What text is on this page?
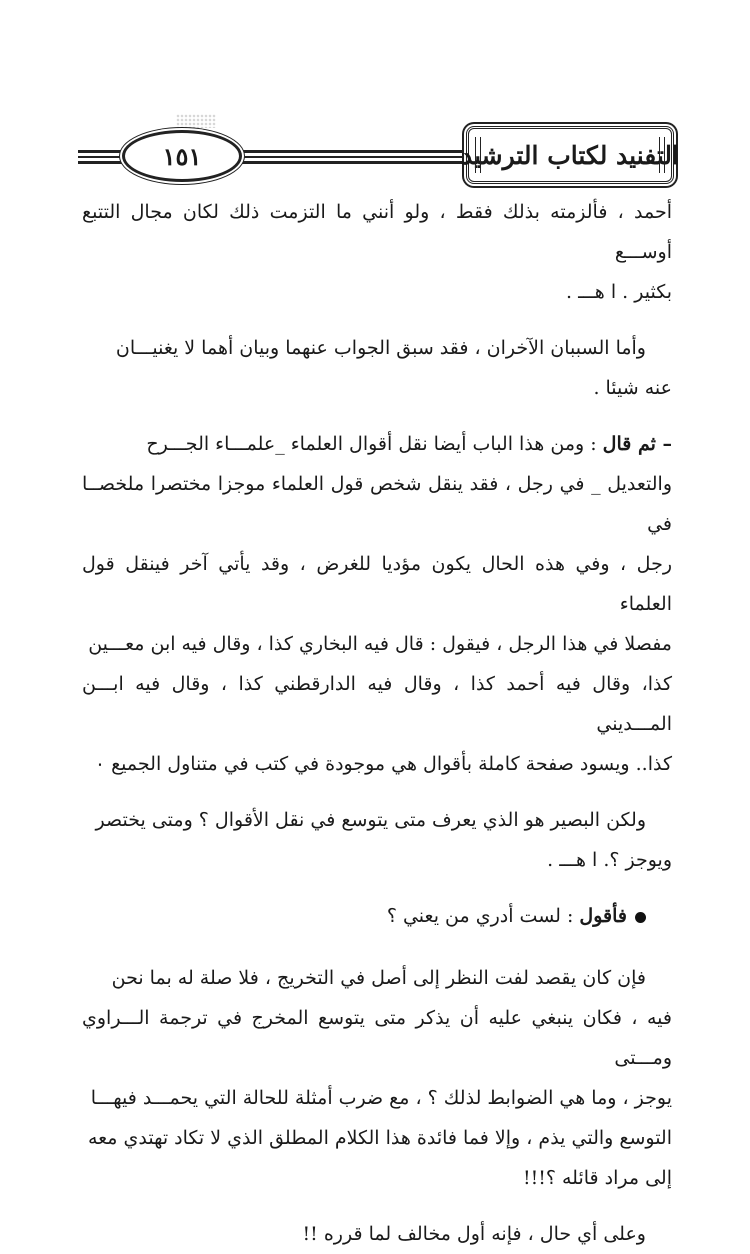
١٥١	التفنيد لكتاب الترشيد

أحمد ، فألزمته بذلك فقط ، ولو أنني ما التزمت ذلك لكان مجال التتبع أوســـع
بكثير . ا هـــ .

وأما السببان الآخران ، فقد سبق الجواب عنهما وبيان أهما لا يغنيـــان

عنه شيئا .

– ثم قال : ومن هذا الباب أيضا نقل أقوال العلماء _علمـــاء الجـــرح
والتعديل _ في رجل ، فقد ينقل شخص قول العلماء موجزا مختصرا ملخصــا في
رجل ، وفي هذه الحال يكون مؤديا للغرض ، وقد يأتي آخر فينقل قول العلماء
مفصلا في هذا الرجل ، فيقول : قال فيه البخاري كذا ، وقال فيه ابن معـــين
كذا، وقال فيه أحمد كذا ، وقال فيه الدارقطني كذا ، وقال فيه ابـــن المـــديني
كذا.. ويسود صفحة كاملة بأقوال هي موجودة في كتب في متناول الجميع ٠

ولكن البصير هو الذي يعرف متى يتوسع في نقل الأقوال ؟ ومتى يختصر

ويوجز ؟. ا هـــ .

فأقول : لست أدري من يعني ؟

فإن كان يقصد لفت النظر إلى أصل في التخريج ، فلا صلة له بما نحن

فيه ، فكان ينبغي عليه أن يذكر متى يتوسع المخرج في ترجمة الـــراوي ومـــتى
يوجز ، وما هي الضوابط لذلك ؟ ، مع ضرب أمثلة للحالة التي يحمـــد فيهـــا
التوسع والتي يذم ، وإلا فما فائدة هذا الكلام المطلق الذي لا تكاد تهتدي معه
إلى مراد قائله ؟!!!

وعلى أي حال ، فإنه أول مخالف لما قرره !!
